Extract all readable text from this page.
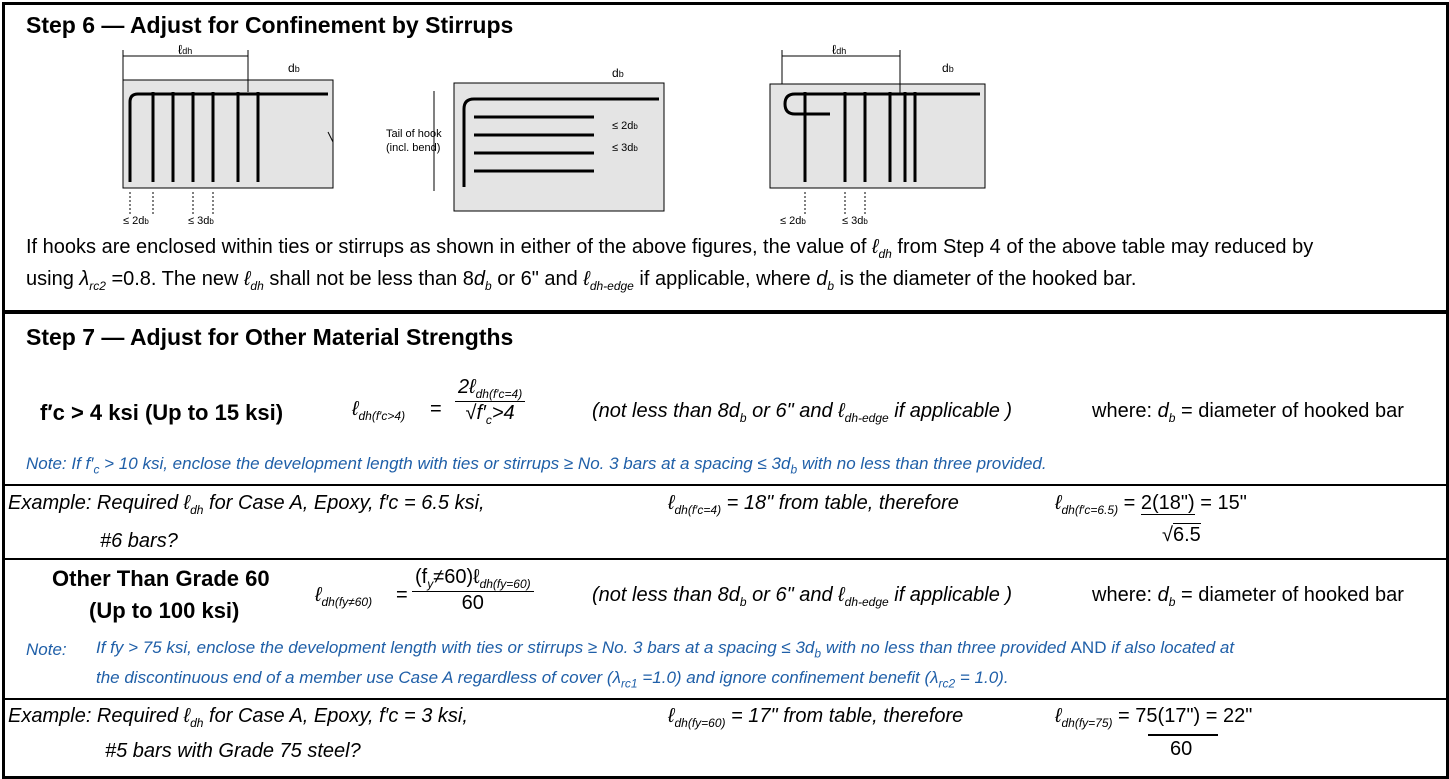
Step 6 — Adjust for Confinement by Stirrups
ℓdh
db
≤ 2db	≤ 3db
Tail of hook
(incl. bend)
db
≤ 2db
≤ 3db
ℓdh
db
≤ 2db	≤ 3db
If hooks are enclosed within ties or stirrups as shown in either of the above figures, the value of ℓ$_{dh}$ from Step 4 of the above table may reduced by
using $\lambda_{rc2} =0.8$. The new ℓ$_{dh}$ shall not be less than $8d_b$ or 6" and ℓ$_{dh-edge}$ if applicable, where $d_b$ is the diameter of the hooked bar.
Step 7 — Adjust for Other Material Strengths
f′c > 4 ksi (Up to 15 ksi)	ℓ$_{dh(f'c>4)}$ = $\frac{2\ell_{dh(f'c=4)}}{√f'_c>4}$	(not less than $8d_b$ or 6" and ℓ$_{dh-edge}$ if applicable )	where: $d_b$ = diameter of hooked bar
Note: If $f'_c > 10$ ksi, enclose the development length with ties or stirrups ≥ No. 3 bars at a spacing ≤ $3d_b$ with no less than three provided.
Example: Required ℓ$_{dh}$ for Case A, Epoxy, f′c = 6.5 ksi,
#6 bars?
ℓ$_{dh(f'c=4)}$ = 18" from table, therefore	ℓ$_{dh(f'c=6.5)}$ = 2(18") = 15"
√6.5
Other Than Grade 60
(Up to 100 ksi)
ℓ$_{dh(fy\ne 60)}$ = $\frac{(f_y\ne 60)\ell_{dh(fy=60)}}{60}$	(not less than $8d_b$ or 6" and ℓ$_{dh-edge}$ if applicable )	where: $d_b$ = diameter of hooked bar
Note: If fy > 75 ksi, enclose the development length with ties or stirrups ≥ No. 3 bars at a spacing ≤ $3d_b$ with no less than three provided AND if also located at
the discontinuous end of a member use Case A regardless of cover $(\lambda_{rc1} =1.0)$ and ignore confinement benefit $(\lambda_{rc2} = 1.0)$.
Example: Required ℓ$_{dh}$ for Case A, Epoxy, f′c = 3 ksi,
#5 bars with Grade 75 steel?
ℓ$_{dh(fy=60)}$ = 17" from table, therefore	ℓ$_{dh(fy=75)}$ = 75(17") = 22"
60
